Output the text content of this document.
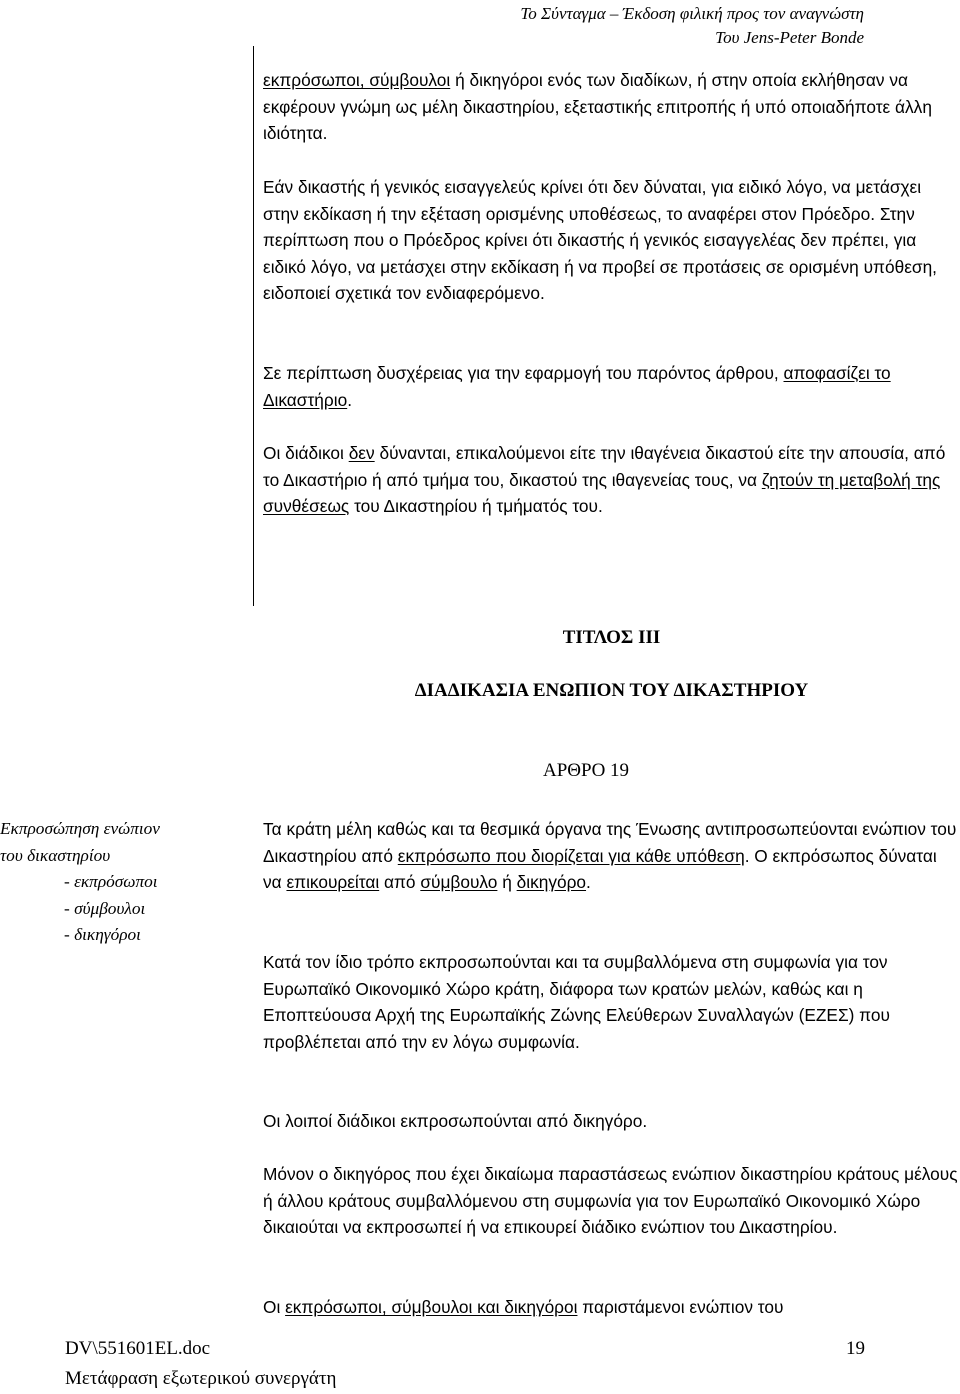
Το Σύνταγμα – Έκδοση φιλική προς τον αναγνώστη
Του Jens-Peter Bonde

εκπρόσωποι, σύμβουλοι ή δικηγόροι ενός των διαδίκων, ή στην οποία εκλήθησαν να εκφέρουν γνώμη ως μέλη δικαστηρίου, εξεταστικής επιτροπής ή υπό οποιαδήποτε άλλη ιδιότητα.

Εάν δικαστής ή γενικός εισαγγελεύς κρίνει ότι δεν δύναται, για ειδικό λόγο, να μετάσχει στην εκδίκαση ή την εξέταση ορισμένης υποθέσεως, το αναφέρει στον Πρόεδρο. Στην περίπτωση που ο Πρόεδρος κρίνει ότι δικαστής ή γενικός εισαγγελέας δεν πρέπει, για ειδικό λόγο, να μετάσχει στην εκδίκαση ή να προβεί σε προτάσεις σε ορισμένη υπόθεση, ειδοποιεί σχετικά τον ενδιαφερόμενο.

Σε περίπτωση δυσχέρειας για την εφαρμογή του παρόντος άρθρου, αποφασίζει το Δικαστήριο.

Οι διάδικοι δεν δύνανται, επικαλούμενοι είτε την ιθαγένεια δικαστού είτε την απουσία, από το Δικαστήριο ή από τμήμα του, δικαστού της ιθαγενείας τους, να ζητούν τη μεταβολή της συνθέσεως του Δικαστηρίου ή τμήματός του.

ΤΙΤΛΟΣ ΙΙΙ
ΔΙΑΔΙΚΑΣΙΑ ΕΝΩΠΙΟΝ ΤΟΥ ΔΙΚΑΣΤΗΡΙΟΥ
ΑΡΘΡΟ 19
Εκπροσώπηση ενώπιον
του δικαστηρίου
- εκπρόσωποι
- σύμβουλοι
- δικηγόροι

Τα κράτη μέλη καθώς και τα θεσμικά όργανα της Ένωσης αντιπροσωπεύονται ενώπιον του Δικαστηρίου από εκπρόσωπο που διορίζεται για κάθε υπόθεση. Ο εκπρόσωπος δύναται να επικουρείται από σύμβουλο ή δικηγόρο.

Κατά τον ίδιο τρόπο εκπροσωπούνται και τα συμβαλλόμενα στη συμφωνία για τον Ευρωπαϊκό Οικονομικό Χώρο κράτη, διάφορα των κρατών μελών, καθώς και η Εποπτεύουσα Αρχή της Ευρωπαϊκής Ζώνης Ελεύθερων Συναλλαγών (ΕΖΕΣ) που προβλέπεται από την εν λόγω συμφωνία.

Οι λοιποί διάδικοι εκπροσωπούνται από δικηγόρο.

Μόνον ο δικηγόρος που έχει δικαίωμα παραστάσεως ενώπιον δικαστηρίου κράτους μέλους ή άλλου κράτους συμβαλλόμενου στη συμφωνία για τον Ευρωπαϊκό Οικονομικό Χώρο δικαιούται να εκπροσωπεί ή να επικουρεί διάδικο ενώπιον του Δικαστηρίου.

Οι εκπρόσωποι, σύμβουλοι και δικηγόροι παριστάμενοι ενώπιον του

DV\551601EL.doc	19
Μετάφραση εξωτερικού συνεργάτη
